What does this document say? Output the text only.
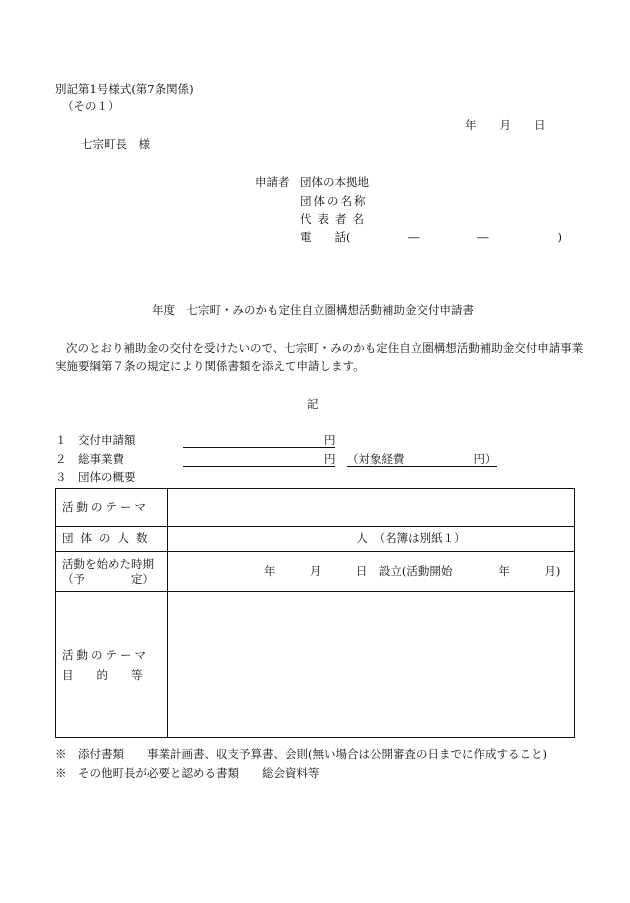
別記第1号様式(第7条関係)
（その１）
年　　月　　日
七宗町長　様
申請者 団体の本拠地
団体の名称
代表者名
電　　話(　　　　　―　　　　　―　　　　　　)
年度　七宗町・みのかも定住自立圏構想活動補助金交付申請書
次のとおり補助金の交付を受けたいので、七宗町・みのかも定住自立圏構想活動補助金交付申請事業
実施要綱第７条の規定により関係書類を添えて申請します。
記
１　交付申請額	円
２　総事業費	円 （対象経費　　　　　　円）
３　団体の概要
活動のテーマ	
団体の人数	人　（名簿は別紙１）
活動を始めた時期
（予　　　　定）	年　　　月　　　日　設立(活動開始　　　　年　　　月)

活動のテーマ
目　　的　　等	
※　添付書類　　事業計画書、収支予算書、会則(無い場合は公開審査の日までに作成すること)
※　その他町長が必要と認める書類　　総会資料等
